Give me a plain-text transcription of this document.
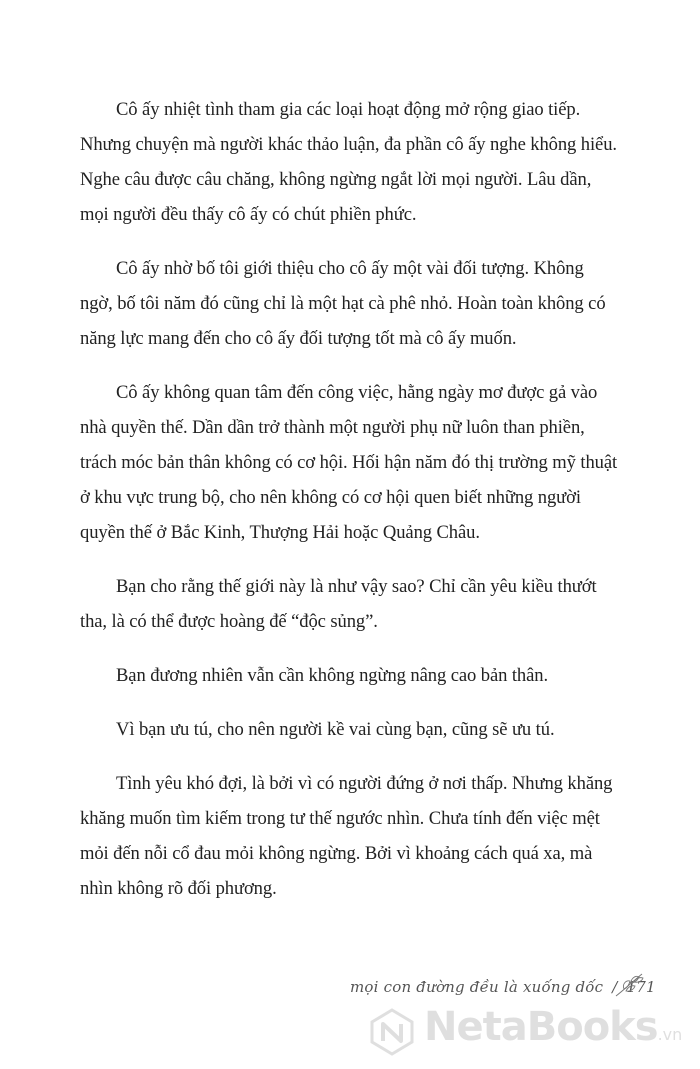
Cô ấy nhiệt tình tham gia các loại hoạt động mở rộng giao tiếp. Nhưng chuyện mà người khác thảo luận, đa phần cô ấy nghe không hiểu. Nghe câu được câu chăng, không ngừng ngắt lời mọi người. Lâu dần, mọi người đều thấy cô ấy có chút phiền phức.

Cô ấy nhờ bố tôi giới thiệu cho cô ấy một vài đối tượng. Không ngờ, bố tôi năm đó cũng chỉ là một hạt cà phê nhỏ. Hoàn toàn không có năng lực mang đến cho cô ấy đối tượng tốt mà cô ấy muốn.

Cô ấy không quan tâm đến công việc, hằng ngày mơ được gả vào nhà quyền thế. Dần dần trở thành một người phụ nữ luôn than phiền, trách móc bản thân không có cơ hội. Hối hận năm đó thị trường mỹ thuật ở khu vực trung bộ, cho nên không có cơ hội quen biết những người quyền thế ở Bắc Kinh, Thượng Hải hoặc Quảng Châu.

Bạn cho rằng thế giới này là như vậy sao? Chỉ cần yêu kiều thướt tha, là có thể được hoàng đế “độc sủng”.

Bạn đương nhiên vẫn cần không ngừng nâng cao bản thân.

Vì bạn ưu tú, cho nên người kề vai cùng bạn, cũng sẽ ưu tú.

Tình yêu khó đợi, là bởi vì có người đứng ở nơi thấp. Nhưng khăng khăng muốn tìm kiếm trong tư thế ngước nhìn. Chưa tính đến việc mệt mỏi đến nỗi cổ đau mỏi không ngừng. Bởi vì khoảng cách quá xa, mà nhìn không rõ đối phương.

mọi con đường đều là xuống dốc / 171
NetaBooks.vn
